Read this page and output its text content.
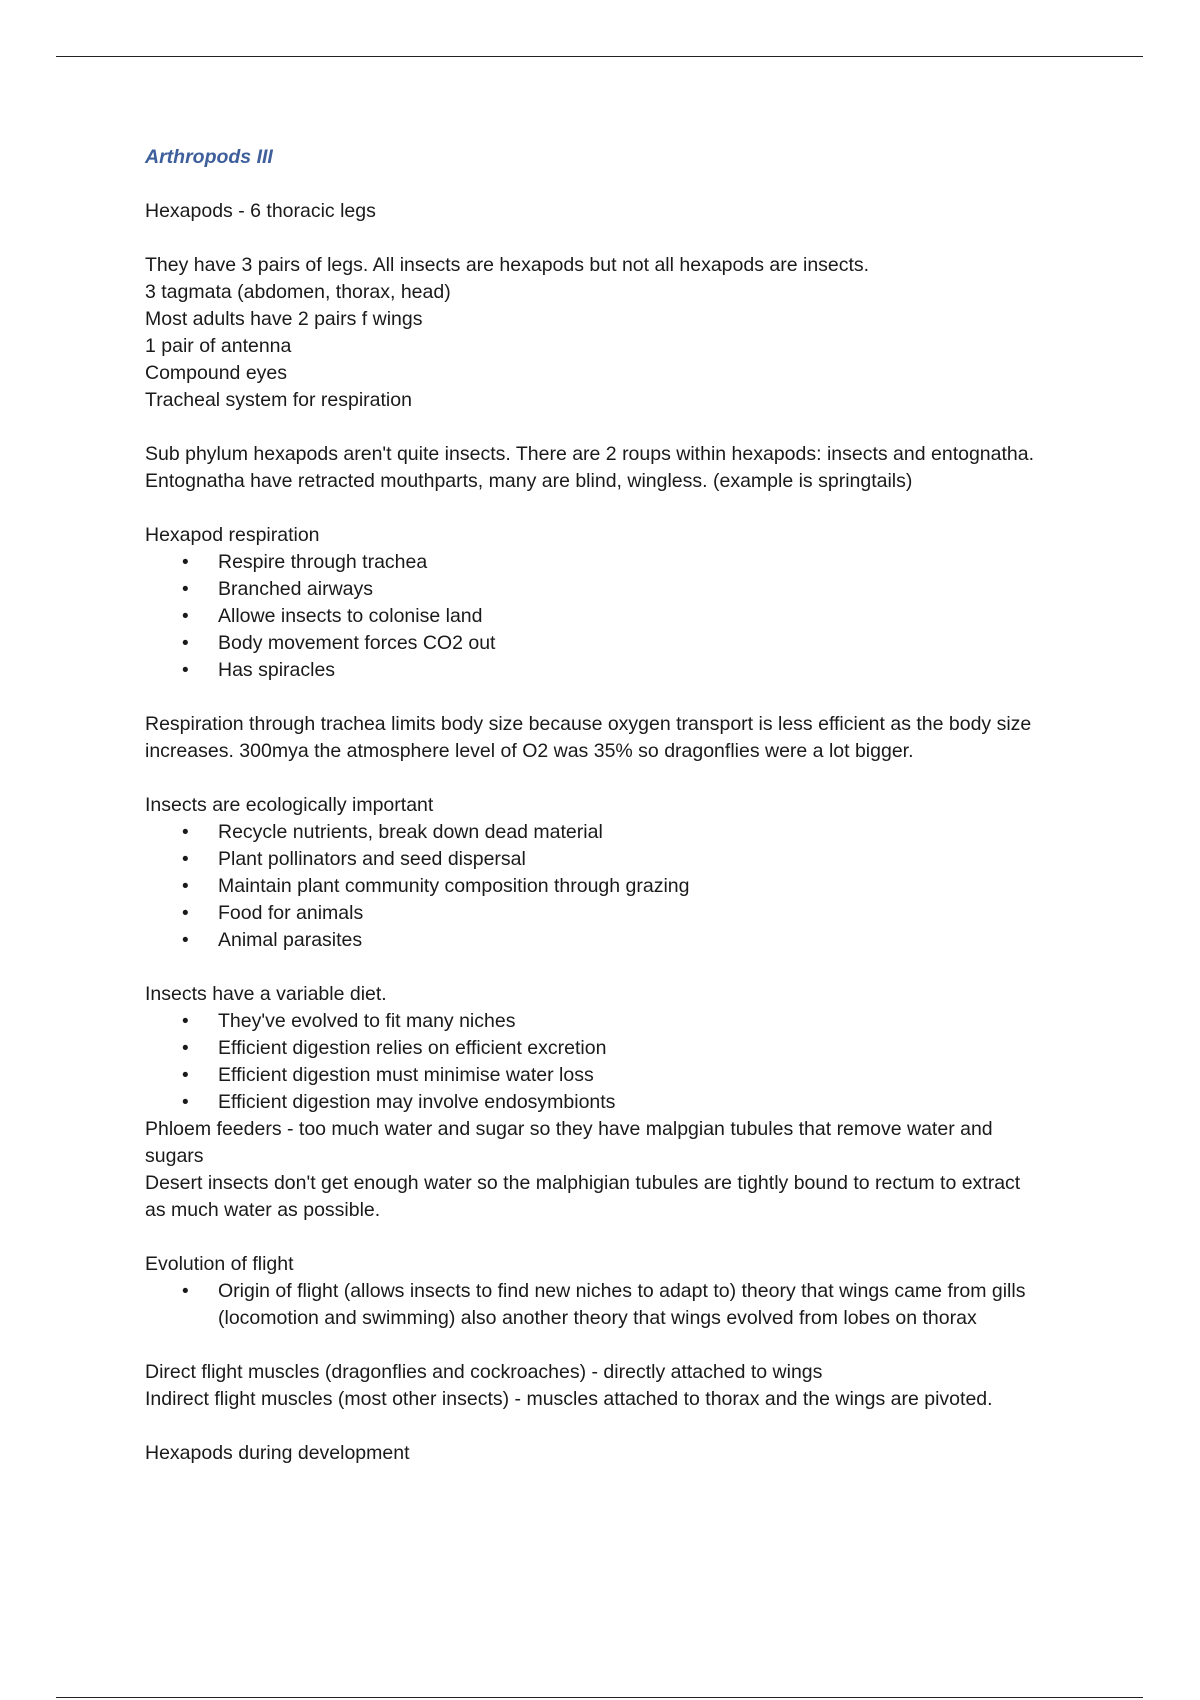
Arthropods III

Hexapods - 6 thoracic legs

They have 3 pairs of legs. All insects are hexapods but not all hexapods are insects.

3 tagmata (abdomen, thorax, head)

Most adults have 2 pairs f wings

1 pair of antenna

Compound eyes

Tracheal system for respiration

Sub phylum hexapods aren't quite insects. There are 2 roups within hexapods: insects and entognatha.

Entognatha have retracted mouthparts, many are blind, wingless. (example is springtails)

Hexapod respiration

• Respire through trachea
• Branched airways
• Allowe insects to colonise land
• Body movement forces CO2 out
• Has spiracles

Respiration through trachea limits body size because oxygen transport is less efficient as the body size increases. 300mya the atmosphere level of O2 was 35% so dragonflies were a lot bigger.

Insects are ecologically important

• Recycle nutrients, break down dead material
• Plant pollinators and seed dispersal
• Maintain plant community composition through grazing
• Food for animals
• Animal parasites

Insects have a variable diet.

• They've evolved to fit many niches
• Efficient digestion relies on efficient excretion
• Efficient digestion must minimise water loss
• Efficient digestion may involve endosymbionts

Phloem feeders - too much water and sugar so they have malpgian tubules that remove water and sugars

Desert insects don't get enough water so the malphigian tubules are tightly bound to rectum to extract as much water as possible.

Evolution of flight

• Origin of flight (allows insects to find new niches to adapt to) theory that wings came from gills (locomotion and swimming) also another theory that wings evolved from lobes on thorax

Direct flight muscles (dragonflies and cockroaches) - directly attached to wings

Indirect flight muscles (most other insects) - muscles attached to thorax and the wings are pivoted.

Hexapods during development
